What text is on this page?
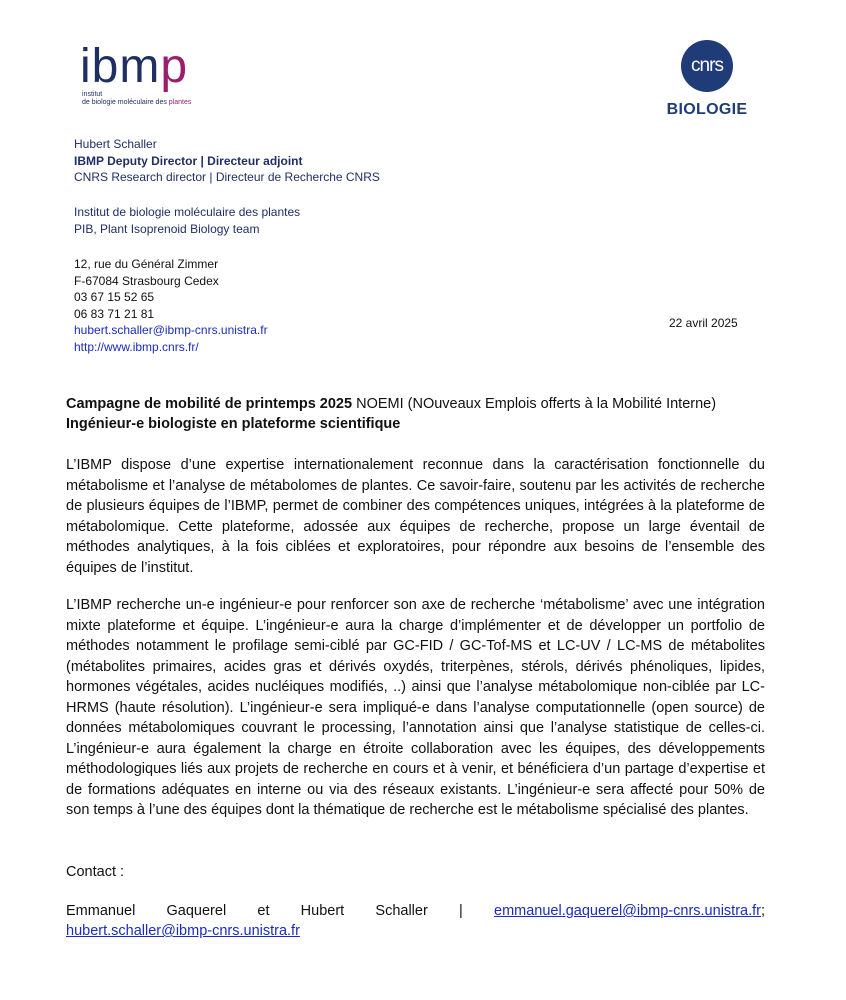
ibmp
institut
de biologie moléculaire des plantes
cnrs
BIOLOGIE
Hubert Schaller
IBMP Deputy Director | Directeur adjoint
CNRS Research director | Directeur de Recherche CNRS
Institut de biologie moléculaire des plantes
PIB, Plant Isoprenoid Biology team
12, rue du Général Zimmer
F-67084 Strasbourg Cedex
03 67 15 52 65
06 83 71 21 81
hubert.schaller@ibmp-cnrs.unistra.fr
http://www.ibmp.cnrs.fr/
22 avril 2025
Campagne de mobilité de printemps 2025 NOEMI (NOuveaux Emplois offerts à la Mobilité Interne)
Ingénieur-e biologiste en plateforme scientifique
L’IBMP dispose d’une expertise internationalement reconnue dans la caractérisation fonctionnelle du métabolisme et l’analyse de métabolomes de plantes. Ce savoir-faire, soutenu par les activités de recherche de plusieurs équipes de l’IBMP, permet de combiner des compétences uniques, intégrées à la plateforme de métabolomique. Cette plateforme, adossée aux équipes de recherche, propose un large éventail de méthodes analytiques, à la fois ciblées et exploratoires, pour répondre aux besoins de l’ensemble des équipes de l’institut.
L’IBMP recherche un-e ingénieur-e pour renforcer son axe de recherche ‘métabolisme’ avec une intégration mixte plateforme et équipe. L’ingénieur-e aura la charge d’implémenter et de développer un portfolio de méthodes notamment le profilage semi-ciblé par GC-FID / GC-Tof-MS et LC-UV / LC-MS de métabolites (métabolites primaires, acides gras et dérivés oxydés, triterpènes, stérols, dérivés phénoliques, lipides, hormones végétales, acides nucléiques modifiés, ..) ainsi que l’analyse métabolomique non-ciblée par LC-HRMS (haute résolution). L’ingénieur-e sera impliqué-e dans l’analyse computationnelle (open source) de données métabolomiques couvrant le processing, l’annotation ainsi que l’analyse statistique de celles-ci. L’ingénieur-e aura également la charge en étroite collaboration avec les équipes, des développements méthodologiques liés aux projets de recherche en cours et à venir, et bénéficiera d’un partage d’expertise et de formations adéquates en interne ou via des réseaux existants. L’ingénieur-e sera affecté pour 50% de son temps à l’une des équipes dont la thématique de recherche est le métabolisme spécialisé des plantes.
Contact :
Emmanuel Gaquerel et Hubert Schaller | emmanuel.gaquerel@ibmp-cnrs.unistra.fr;
hubert.schaller@ibmp-cnrs.unistra.fr
